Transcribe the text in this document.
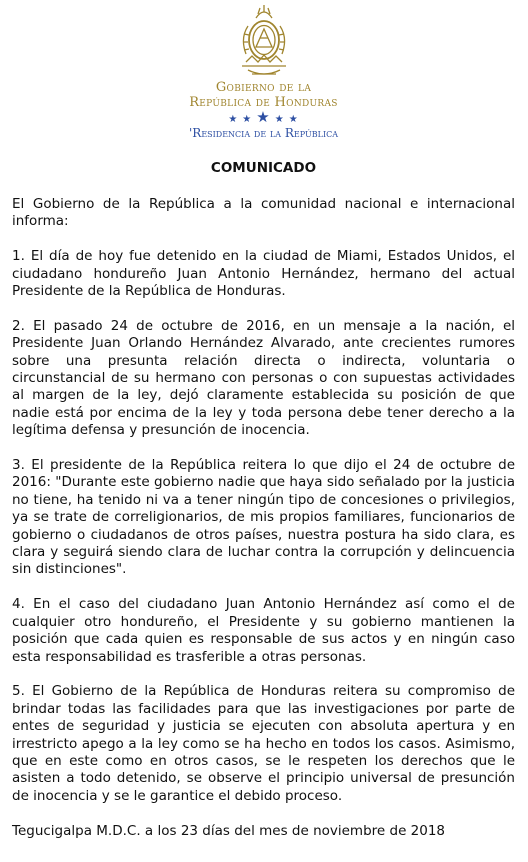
Gobierno de la
República de Honduras
★★★★★
'Residencia de la República
COMUNICADO

El Gobierno de la República a la comunidad nacional e internacional informa:

1. El día de hoy fue detenido en la ciudad de Miami, Estados Unidos, el ciudadano hondureño Juan Antonio Hernández, hermano del actual Presidente de la República de Honduras.

2. El pasado 24 de octubre de 2016, en un mensaje a la nación, el Presidente Juan Orlando Hernández Alvarado, ante crecientes rumores sobre una presunta relación directa o indirecta, voluntaria o circunstancial de su hermano con personas o con supuestas actividades al margen de la ley, dejó claramente establecida su posición de que nadie está por encima de la ley y toda persona debe tener derecho a la legítima defensa y presunción de inocencia.

3. El presidente de la República reitera lo que dijo el 24 de octubre de 2016: "Durante este gobierno nadie que haya sido señalado por la justicia no tiene, ha tenido ni va a tener ningún tipo de concesiones o privilegios, ya se trate de correligionarios, de mis propios familiares, funcionarios de gobierno o ciudadanos de otros países, nuestra postura ha sido clara, es clara y seguirá siendo clara de luchar contra la corrupción y delincuencia sin distinciones".

4. En el caso del ciudadano Juan Antonio Hernández así como el de cualquier otro hondureño, el Presidente y su gobierno mantienen la posición que cada quien es responsable de sus actos y en ningún caso esta responsabilidad es trasferible a otras personas.

5. El Gobierno de la República de Honduras reitera su compromiso de brindar todas las facilidades para que las investigaciones por parte de entes de seguridad y justicia se ejecuten con absoluta apertura y en irrestricto apego a la ley como se ha hecho en todos los casos. Asimismo, que en este como en otros casos, se le respeten los derechos que le asisten a todo detenido, se observe el principio universal de presunción de inocencia y se le garantice el debido proceso.

Tegucigalpa M.D.C. a los 23 días del mes de noviembre de 2018
